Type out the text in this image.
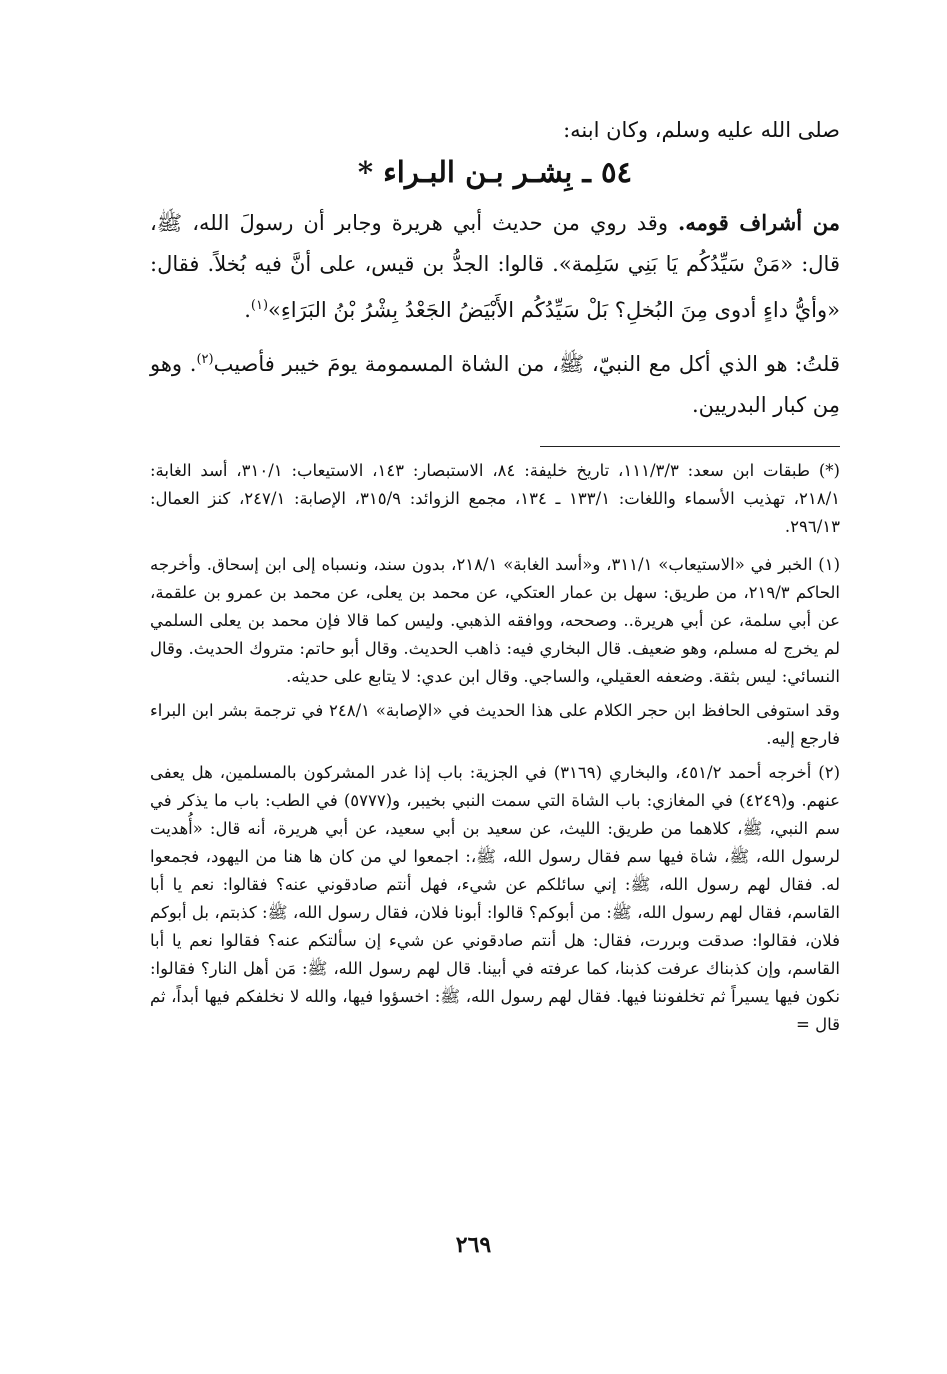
صلى الله عليه وسلم، وكان ابنه:

٥٤ ـ بِشـر بـن البـراء *

من أشراف قومه. وقد روي من حديث أبي هريرة وجابر أن رسولَ الله، ﷺ، قال: «مَنْ سَيِّدُكُم يَا بَنِي سَلِمة». قالوا: الجدُّ بن قيس، على أنَّ فيه بُخلاً. فقال: «وأيُّ داءٍ أدوى مِنَ البُخلِ؟ بَلْ سَيِّدُكُم الأَبْيَضُ الجَعْدُ بِشْرُ بْنُ البَرَاءِ»$^{(١)}$.

قلتُ: هو الذي أكل مع النبيّ، ﷺ، من الشاة المسمومة يومَ خيبر فأصيب$^{(٢)}$. وهو مِن كبار البدريين.

(*) طبقات ابن سعد: ١١١/٣/٣، تاريخ خليفة: ٨٤، الاستبصار: ١٤٣، الاستيعاب: ٣١٠/١، أسد الغابة: ٢١٨/١، تهذيب الأسماء واللغات: ١٣٣/١ ـ ١٣٤، مجمع الزوائد: ٣١٥/٩، الإصابة: ٢٤٧/١، كنز العمال: ٢٩٦/١٣.

(١) الخبر في «الاستيعاب» ٣١١/١، و«أسد الغابة» ٢١٨/١، بدون سند، ونسباه إلى ابن إسحاق. وأخرجه الحاكم ٢١٩/٣، من طريق: سهل بن عمار العتكي، عن محمد بن يعلى، عن محمد بن عمرو بن علقمة، عن أبي سلمة، عن أبي هريرة.. وصححه، ووافقه الذهبي. وليس كما قالا فإن محمد بن يعلى السلمي لم يخرج له مسلم، وهو ضعيف. قال البخاري فيه: ذاهب الحديث. وقال أبو حاتم: متروك الحديث. وقال النسائي: ليس بثقة. وضعفه العقيلي، والساجي. وقال ابن عدي: لا يتابع على حديثه.

وقد استوفى الحافظ ابن حجر الكلام على هذا الحديث في «الإصابة» ٢٤٨/١ في ترجمة بشر ابن البراء فارجع إليه.

(٢) أخرجه أحمد ٤٥١/٢، والبخاري (٣١٦٩) في الجزية: باب إذا غدر المشركون بالمسلمين، هل يعفى عنهم. و(٤٢٤٩) في المغازي: باب الشاة التي سمت النبي بخيبر، و(٥٧٧٧) في الطب: باب ما يذكر في سم النبي، ﷺ، كلاهما من طريق: الليث، عن سعيد بن أبي سعيد، عن أبي هريرة، أنه قال: «أُهديت لرسول الله، ﷺ، شاة فيها سم فقال رسول الله، ﷺ،: اجمعوا لي من كان ها هنا من اليهود، فجمعوا له. فقال لهم رسول الله، ﷺ: إني سائلكم عن شيء، فهل أنتم صادقوني عنه؟ فقالوا: نعم يا أبا القاسم، فقال لهم رسول الله، ﷺ: من أبوكم؟ قالوا: أبونا فلان، فقال رسول الله، ﷺ: كذبتم، بل أبوكم فلان، فقالوا: صدقت وبررت، فقال: هل أنتم صادقوني عن شيء إن سألتكم عنه؟ فقالوا نعم يا أبا القاسم، وإن كذبناك عرفت كذبنا، كما عرفته في أبينا. قال لهم رسول الله، ﷺ: مَن أهل النار؟ فقالوا: نكون فيها يسيراً ثم تخلفوننا فيها. فقال لهم رسول الله، ﷺ: اخسؤوا فيها، والله لا نخلفكم فيها أبداً، ثم قال =

٢٦٩
